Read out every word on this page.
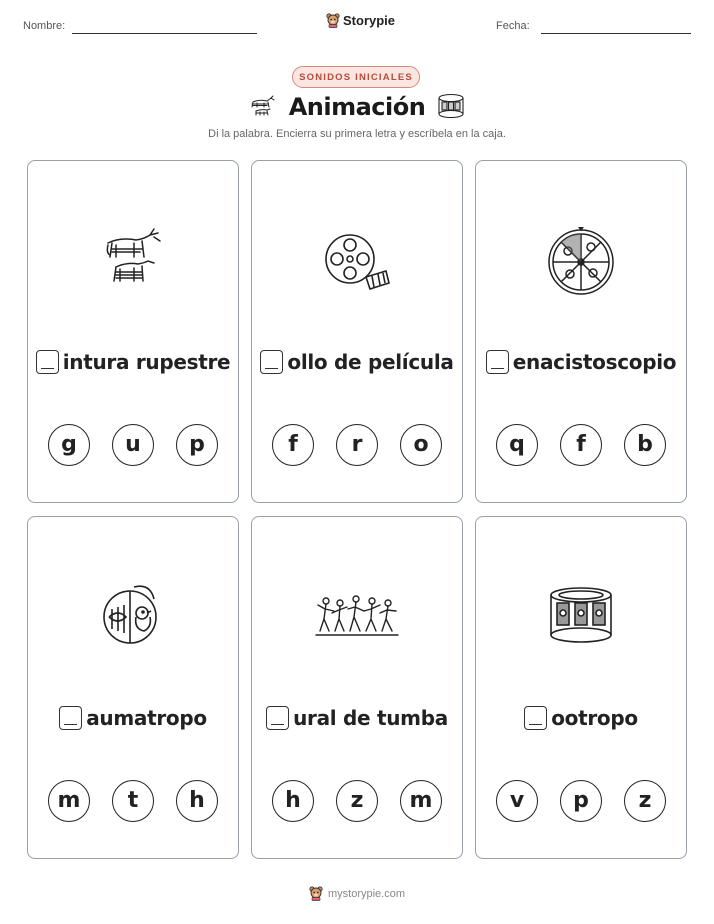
Nombre:	Storypie	Fecha:
SONIDOS INICIALES
Animación
Di la palabra. Encierra su primera letra y escríbela en la caja.
intura rupestre
g	u	p
ollo de película
f	r	o
enacistoscopio
q	f	b
aumatropo
m	t	h
ural de tumba
h	z	m
ootropo
v	p	z
mystorypie.com
